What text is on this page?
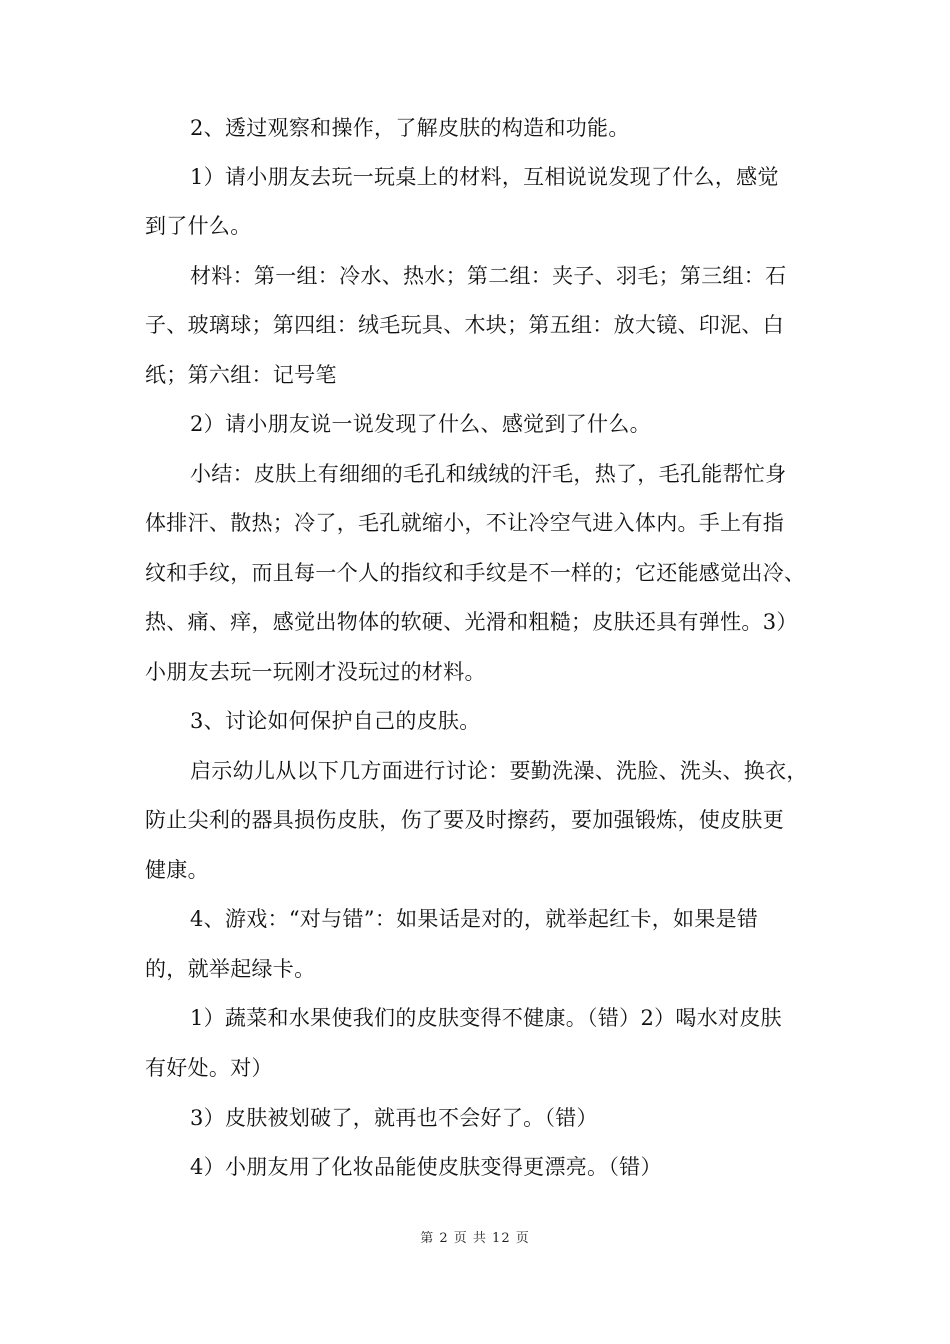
2、透过观察和操作，了解皮肤的构造和功能。
1）请小朋友去玩一玩桌上的材料，互相说说发现了什么，感觉
到了什么。
材料：第一组：冷水、热水；第二组：夹子、羽毛；第三组：石
子、玻璃球；第四组：绒毛玩具、木块；第五组：放大镜、印泥、白
纸；第六组：记号笔
2）请小朋友说一说发现了什么、感觉到了什么。
小结：皮肤上有细细的毛孔和绒绒的汗毛，热了，毛孔能帮忙身
体排汗、散热；冷了，毛孔就缩小，不让冷空气进入体内。手上有指
纹和手纹，而且每一个人的指纹和手纹是不一样的；它还能感觉出冷、
热、痛、痒，感觉出物体的软硬、光滑和粗糙；皮肤还具有弹性。3）
小朋友去玩一玩刚才没玩过的材料。
3、讨论如何保护自己的皮肤。
启示幼儿从以下几方面进行讨论：要勤洗澡、洗脸、洗头、换衣，
防止尖利的器具损伤皮肤，伤了要及时擦药，要加强锻炼，使皮肤更
健康。
4、游戏：“对与错”：如果话是对的，就举起红卡，如果是错
的，就举起绿卡。
1）蔬菜和水果使我们的皮肤变得不健康。（错）2）喝水对皮肤
有好处。对）
3）皮肤被划破了，就再也不会好了。（错）
4）小朋友用了化妆品能使皮肤变得更漂亮。（错）
第 2 页 共 12 页
